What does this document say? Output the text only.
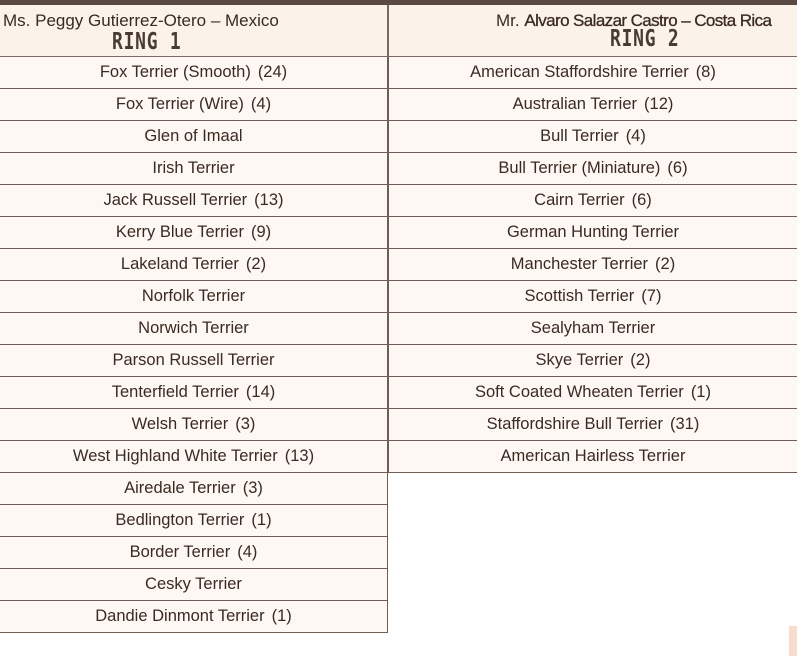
Ms. Peggy Gutierrez-Otero – Mexico
RING 1
Fox Terrier (Smooth) (24)
Fox Terrier (Wire) (4)
Glen of Imaal
Irish Terrier
Jack Russell Terrier (13)
Kerry Blue Terrier (9)
Lakeland Terrier (2)
Norfolk Terrier
Norwich Terrier
Parson Russell Terrier
Tenterfield Terrier (14)
Welsh Terrier (3)
West Highland White Terrier (13)
Airedale Terrier (3)
Bedlington Terrier (1)
Border Terrier (4)
Cesky Terrier
Dandie Dinmont Terrier (1)
Mr. Alvaro Salazar Castro – Costa Rica
RING 2
American Staffordshire Terrier (8)
Australian Terrier (12)
Bull Terrier (4)
Bull Terrier (Miniature) (6)
Cairn Terrier (6)
German Hunting Terrier
Manchester Terrier (2)
Scottish Terrier (7)
Sealyham Terrier
Skye Terrier (2)
Soft Coated Wheaten Terrier (1)
Staffordshire Bull Terrier (31)
American Hairless Terrier
